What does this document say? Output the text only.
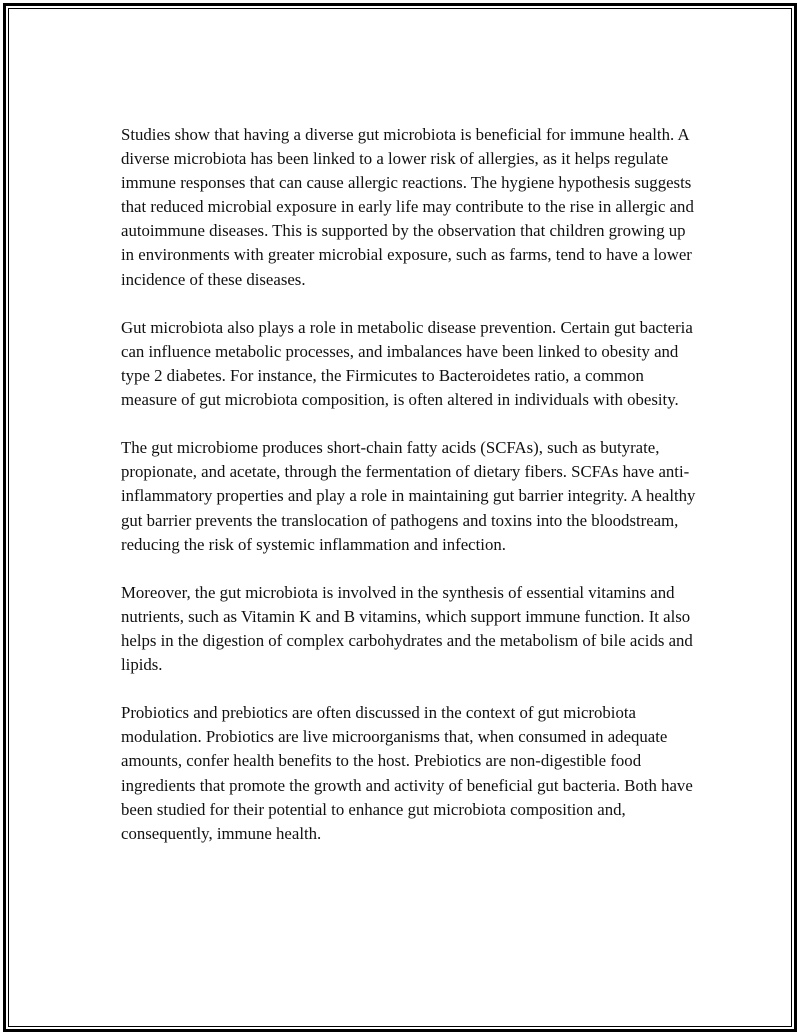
Studies show that having a diverse gut microbiota is beneficial for immune health. A diverse microbiota has been linked to a lower risk of allergies, as it helps regulate immune responses that can cause allergic reactions. The hygiene hypothesis suggests that reduced microbial exposure in early life may contribute to the rise in allergic and autoimmune diseases. This is supported by the observation that children growing up in environments with greater microbial exposure, such as farms, tend to have a lower incidence of these diseases.

Gut microbiota also plays a role in metabolic disease prevention. Certain gut bacteria can influence metabolic processes, and imbalances have been linked to obesity and type 2 diabetes. For instance, the Firmicutes to Bacteroidetes ratio, a common measure of gut microbiota composition, is often altered in individuals with obesity.

The gut microbiome produces short-chain fatty acids (SCFAs), such as butyrate, propionate, and acetate, through the fermentation of dietary fibers. SCFAs have anti-inflammatory properties and play a role in maintaining gut barrier integrity. A healthy gut barrier prevents the translocation of pathogens and toxins into the bloodstream, reducing the risk of systemic inflammation and infection.

Moreover, the gut microbiota is involved in the synthesis of essential vitamins and nutrients, such as Vitamin K and B vitamins, which support immune function. It also helps in the digestion of complex carbohydrates and the metabolism of bile acids and lipids.

Probiotics and prebiotics are often discussed in the context of gut microbiota modulation. Probiotics are live microorganisms that, when consumed in adequate amounts, confer health benefits to the host. Prebiotics are non-digestible food ingredients that promote the growth and activity of beneficial gut bacteria. Both have been studied for their potential to enhance gut microbiota composition and, consequently, immune health.
